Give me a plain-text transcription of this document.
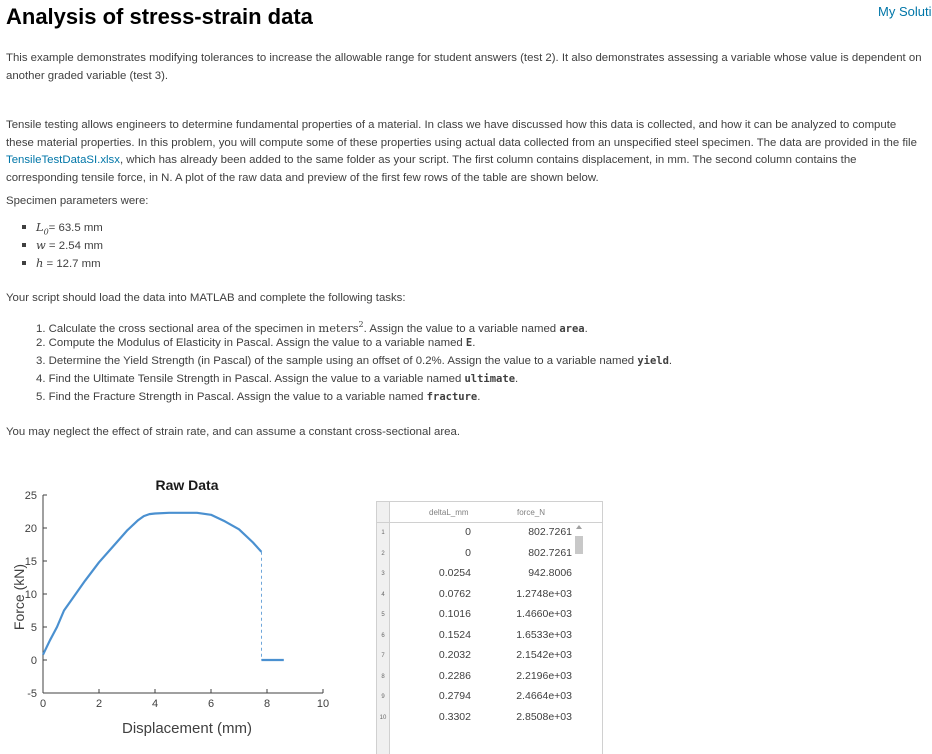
Analysis of stress-strain data	My Soluti

This example demonstrates modifying tolerances to increase the allowable range for student answers (test 2). It also demonstrates assessing a variable whose value is dependent on another graded variable (test 3).

Tensile testing allows engineers to determine fundamental properties of a material. In class we have discussed how this data is collected, and how it can be analyzed to compute these material properties. In this problem, you will compute some of these properties using actual data collected from an unspecified steel specimen. The data are provided in the file TensileTestDataSI.xlsx, which has already been added to the same folder as your script. The first column contains displacement, in mm. The second column contains the corresponding tensile force, in N. A plot of the raw data and preview of the first few rows of the table are shown below.

Specimen parameters were:

$L_0= 63.5$ mm
w = 2.54 mm
h = 12.7 mm

Your script should load the data into MATLAB and complete the following tasks:

1. Calculate the cross sectional area of the specimen in meters$^2$. Assign the value to a variable named area.
2. Compute the Modulus of Elasticity in Pascal. Assign the value to a variable named E.
3. Determine the Yield Strength (in Pascal) of the sample using an offset of 0.2%. Assign the value to a variable named yield.
4. Find the Ultimate Tensile Strength in Pascal. Assign the value to a variable named ultimate.
5. Find the Fracture Strength in Pascal. Assign the value to a variable named fracture.

You may neglect the effect of strain rate, and can assume a constant cross-sectional area.

Raw Data
Displacement (mm)
Force (kN)
-5
0
5
10
15
20
25
0	2	4	6	8	10
deltaL_mm	force_N
1	0	802.7261
2	0	802.7261
3	0.0254	942.8006
4	0.0762	1.2748e+03
5	0.1016	1.4660e+03
6	0.1524	1.6533e+03
7	0.2032	2.1542e+03
8	0.2286	2.2196e+03
9	0.2794	2.4664e+03
10	0.3302	2.8508e+03
